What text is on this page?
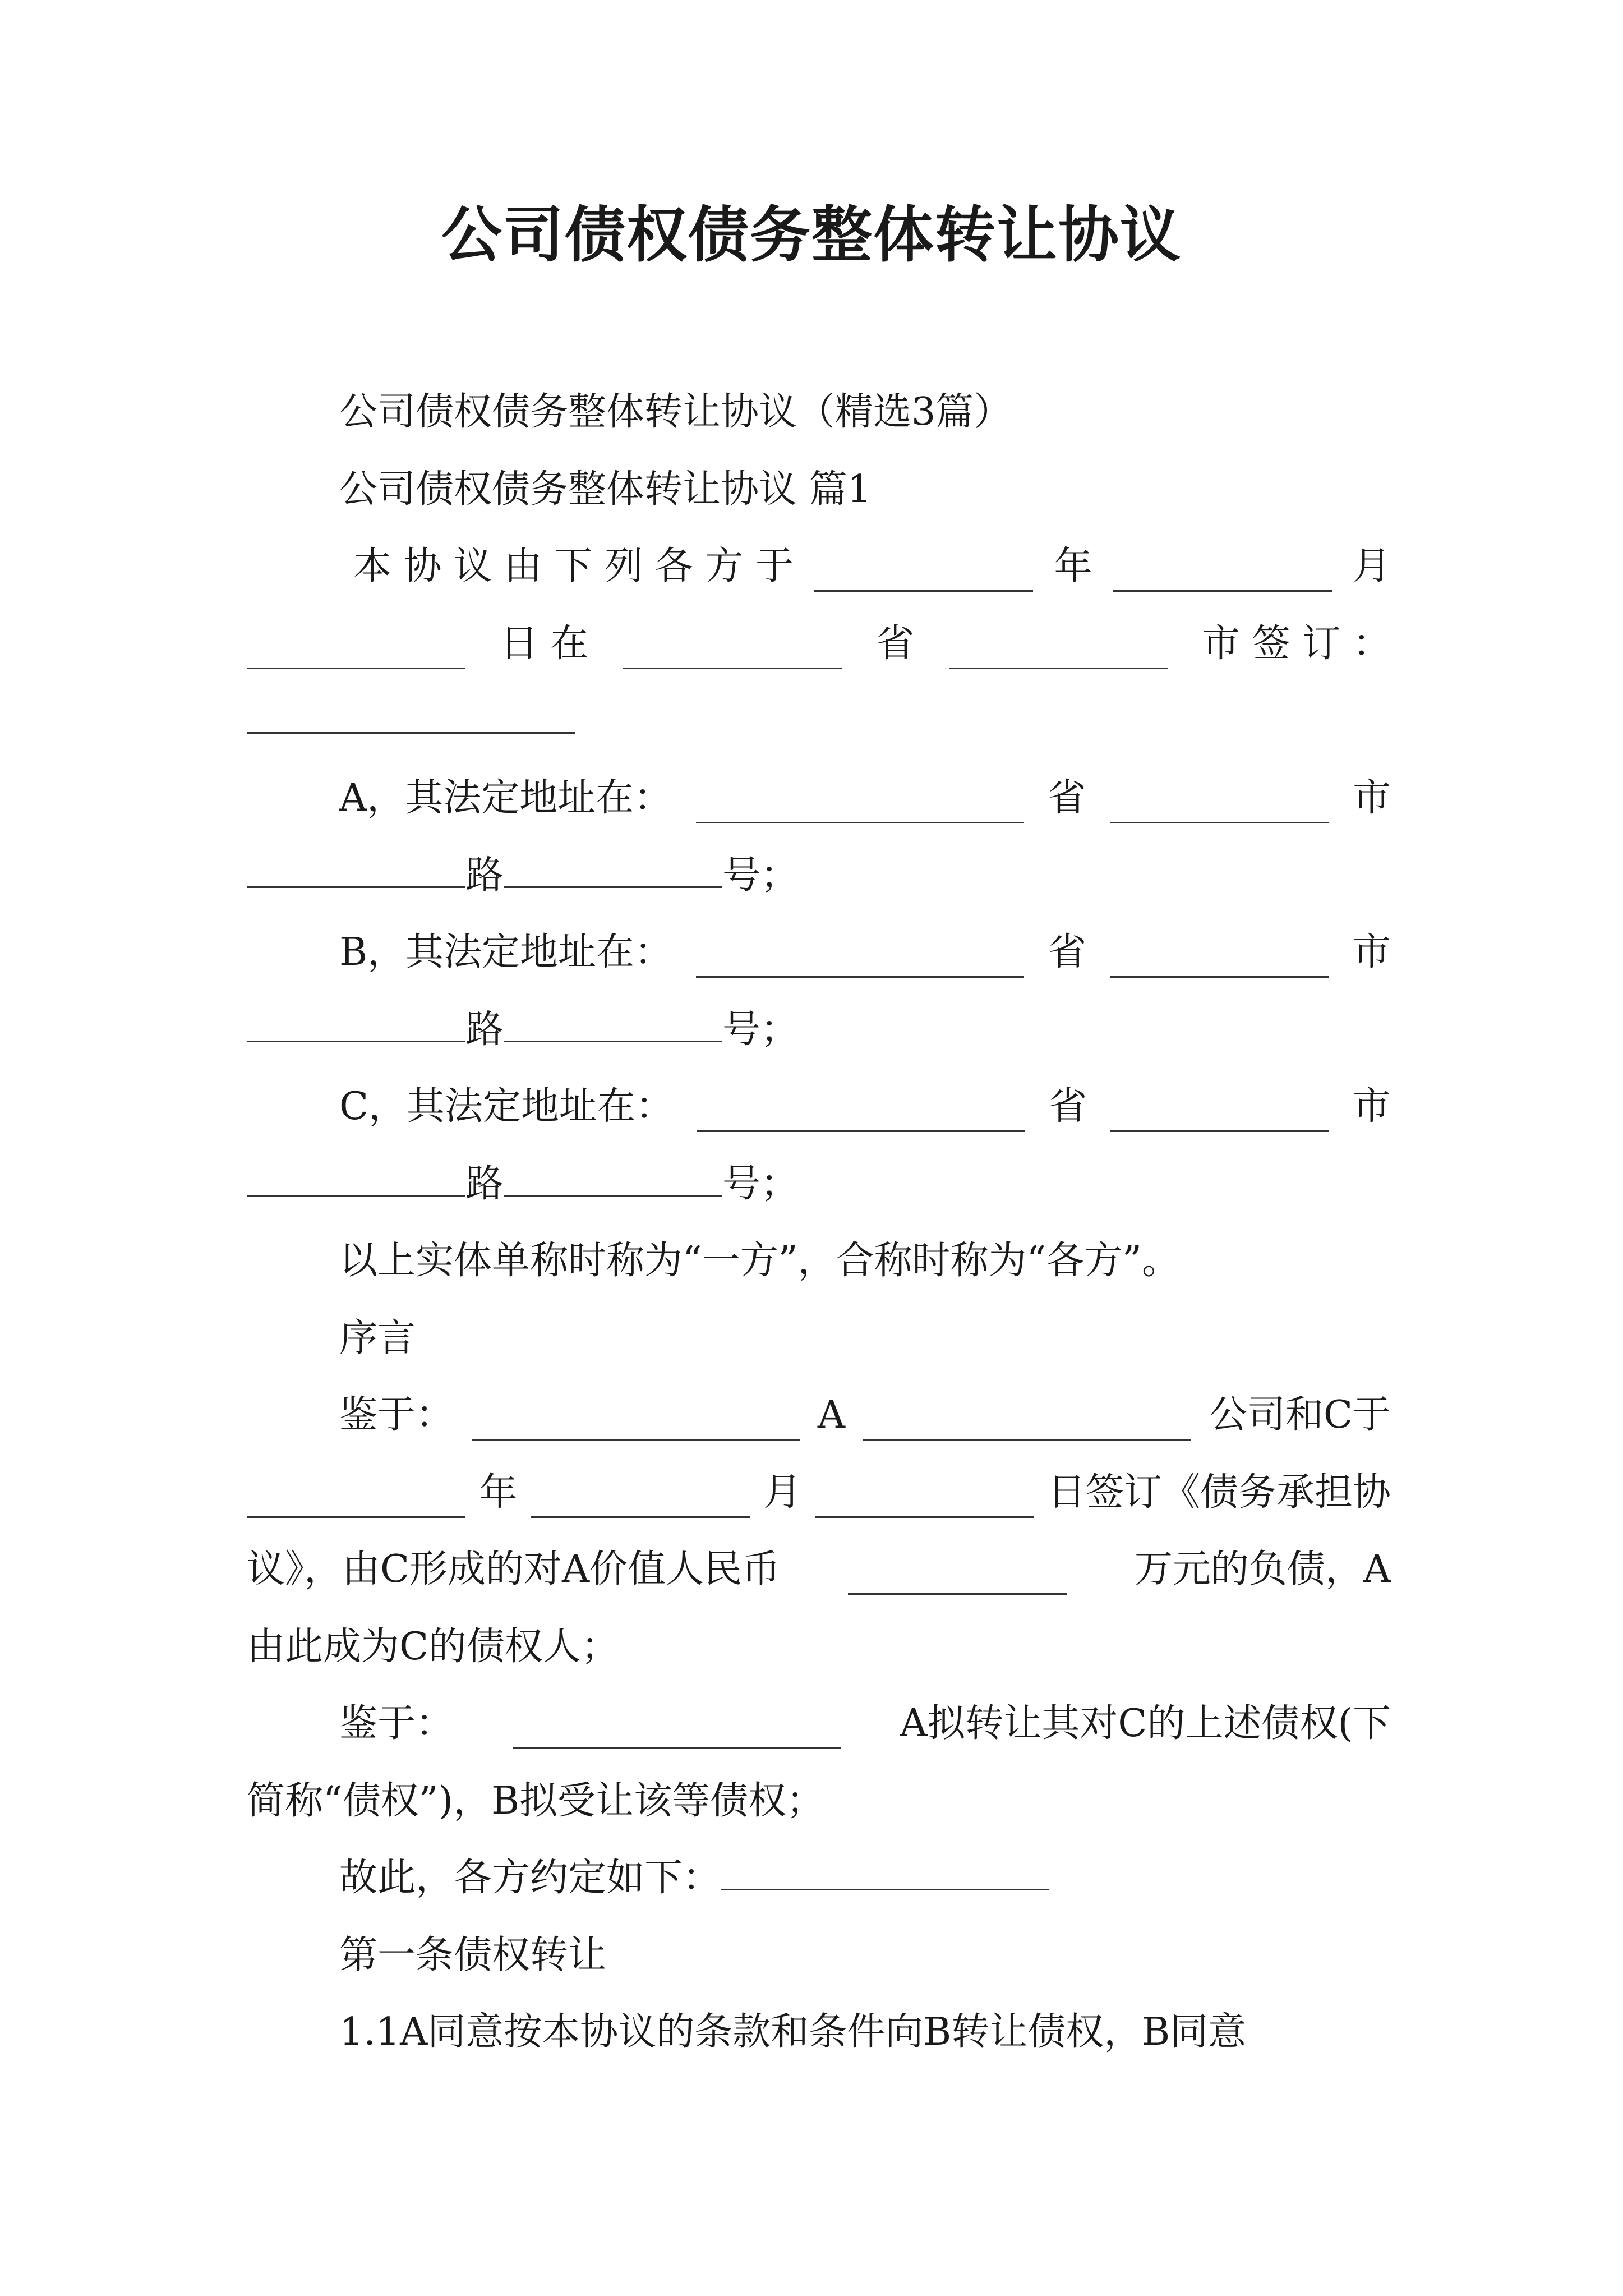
公司债权债务整体转让协议
公司债权债务整体转让协议（精选3篇）
公司债权债务整体转让协议 篇1
本 协 议 由 下 列 各 方 于	年	月
日 在	省	市 签 订 ：
A，其法定地址在：	省	市
路	号；
B，其法定地址在：	省	市
路	号；
C，其法定地址在：	省	市
路	号；
以上实体单称时称为“一方”，合称时称为“各方”。
序言
鉴于：	A	公司和C于
年	月	日签订《债务承担协
议》，由C形成的对A价值人民币	万元的负债，A
由此成为C的债权人；
鉴于：	A拟转让其对C的上述债权(下
简称“债权”)，B拟受让该等债权；
故此，各方约定如下：
第一条债权转让
1.1A同意按本协议的条款和条件向B转让债权，B同意
